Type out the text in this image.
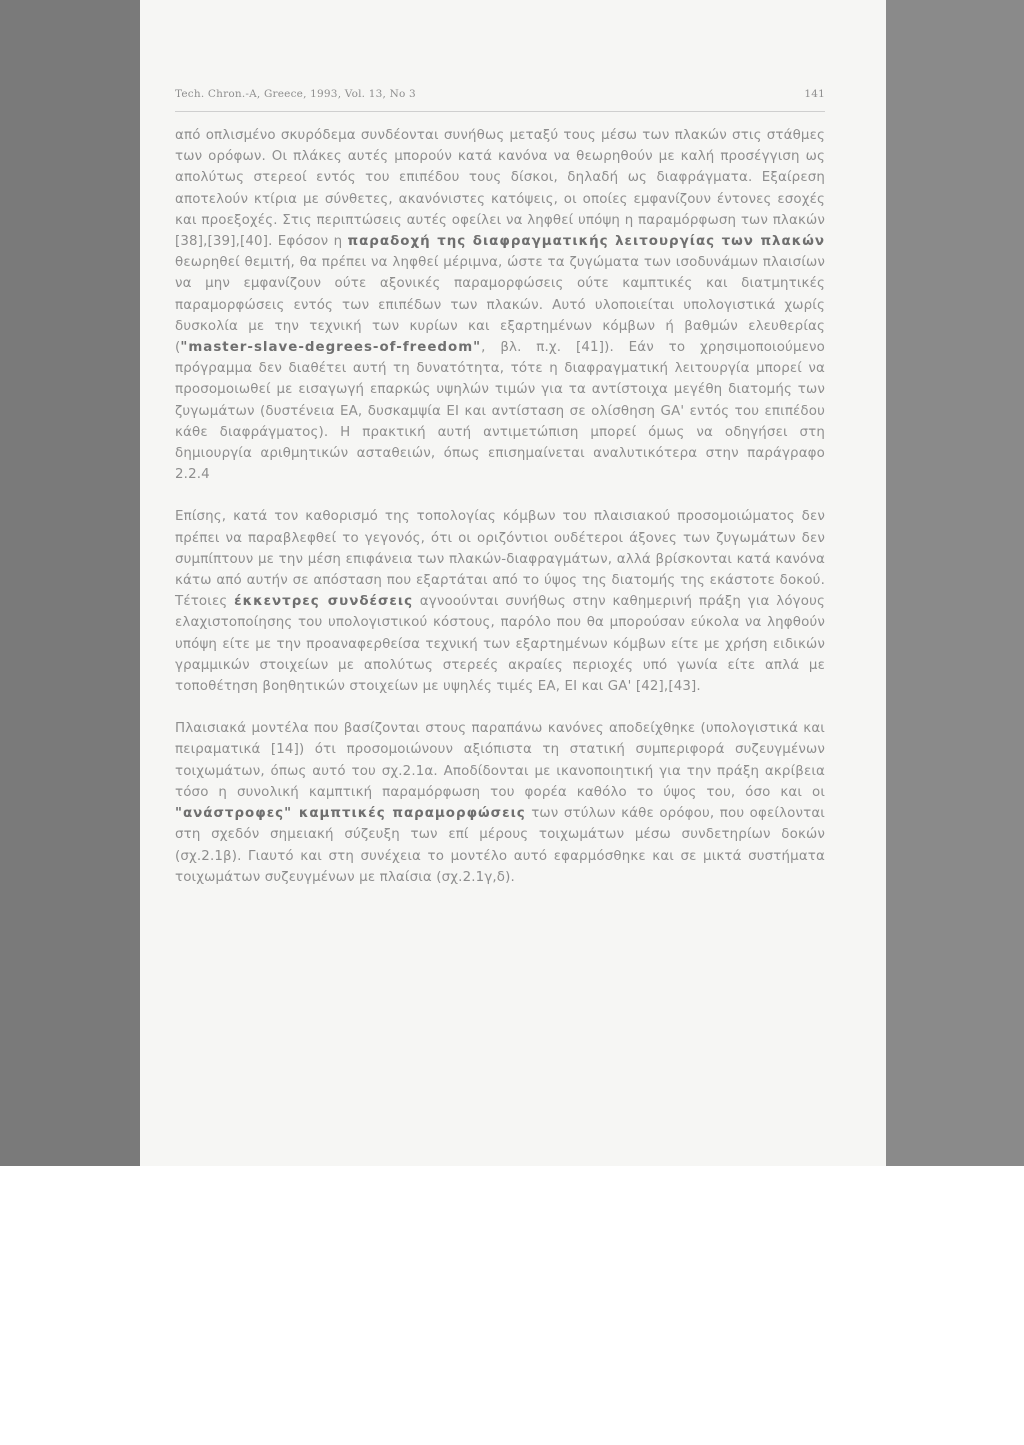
Tech. Chron.-A, Greece, 1993, Vol. 13, No 3	141

από οπλισμένο σκυρόδεμα συνδέονται συνήθως μεταξύ τους μέσω των πλακών στις στάθμες των ορόφων. Οι πλάκες αυτές μπορούν κατά κανόνα να θεωρηθούν με καλή προσέγγιση ως απολύτως στερεοί εντός του επιπέδου τους δίσκοι, δηλαδή ως διαφράγματα. Εξαίρεση αποτελούν κτίρια με σύνθετες, ακανόνιστες κατόψεις, οι οποίες εμφανίζουν έντονες εσοχές και προεξοχές. Στις περιπτώσεις αυτές οφείλει να ληφθεί υπόψη η παραμόρφωση των πλακών [38],[39],[40]. Εφόσον η παραδοχή της διαφραγματικής λειτουργίας των πλακών θεωρηθεί θεμιτή, θα πρέπει να ληφθεί μέριμνα, ώστε τα ζυγώματα των ισοδυνάμων πλαισίων να μην εμφανίζουν ούτε αξονικές παραμορφώσεις ούτε καμπτικές και διατμητικές παραμορφώσεις εντός των επιπέδων των πλακών. Αυτό υλοποιείται υπολογιστικά χωρίς δυσκολία με την τεχνική των κυρίων και εξαρτημένων κόμβων ή βαθμών ελευθερίας ("master-slave-degrees-of-freedom", βλ. π.χ. [41]). Εάν το χρησιμοποιούμενο πρόγραμμα δεν διαθέτει αυτή τη δυνατότητα, τότε η διαφραγματική λειτουργία μπορεί να προσομοιωθεί με εισαγωγή επαρκώς υψηλών τιμών για τα αντίστοιχα μεγέθη διατομής των ζυγωμάτων (δυστένεια ΕΑ, δυσκαμψία ΕΙ και αντίσταση σε ολίσθηση GA' εντός του επιπέδου κάθε διαφράγματος). Η πρακτική αυτή αντιμετώπιση μπορεί όμως να οδηγήσει στη δημιουργία αριθμητικών ασταθειών, όπως επισημαίνεται αναλυτικότερα στην παράγραφο 2.2.4

Επίσης, κατά τον καθορισμό της τοπολογίας κόμβων του πλαισιακού προσομοιώματος δεν πρέπει να παραβλεφθεί το γεγονός, ότι οι οριζόντιοι ουδέτεροι άξονες των ζυγωμάτων δεν συμπίπτουν με την μέση επιφάνεια των πλακών-διαφραγμάτων, αλλά βρίσκονται κατά κανόνα κάτω από αυτήν σε απόσταση που εξαρτάται από το ύψος της διατομής της εκάστοτε δοκού. Τέτοιες έκκεντρες συνδέσεις αγνοούνται συνήθως στην καθημερινή πράξη για λόγους ελαχιστοποίησης του υπολογιστικού κόστους, παρόλο που θα μπορούσαν εύκολα να ληφθούν υπόψη είτε με την προαναφερθείσα τεχνική των εξαρτημένων κόμβων είτε με χρήση ειδικών γραμμικών στοιχείων με απολύτως στερεές ακραίες περιοχές υπό γωνία είτε απλά με τοποθέτηση βοηθητικών στοιχείων με υψηλές τιμές ΕΑ, ΕΙ και GA' [42],[43].

Πλαισιακά μοντέλα που βασίζονται στους παραπάνω κανόνες αποδείχθηκε (υπολογιστικά και πειραματικά [14]) ότι προσομοιώνουν αξιόπιστα τη στατική συμπεριφορά συζευγμένων τοιχωμάτων, όπως αυτό του σχ.2.1α. Αποδίδονται με ικανοποιητική για την πράξη ακρίβεια τόσο η συνολική καμπτική παραμόρφωση του φορέα καθόλο το ύψος του, όσο και οι "ανάστροφες" καμπτικές παραμορφώσεις των στύλων κάθε ορόφου, που οφείλονται στη σχεδόν σημειακή σύζευξη των επί μέρους τοιχωμάτων μέσω συνδετηρίων δοκών (σχ.2.1β). Γιαυτό και στη συνέχεια το μοντέλο αυτό εφαρμόσθηκε και σε μικτά συστήματα τοιχωμάτων συζευγμένων με πλαίσια (σχ.2.1γ,δ).
